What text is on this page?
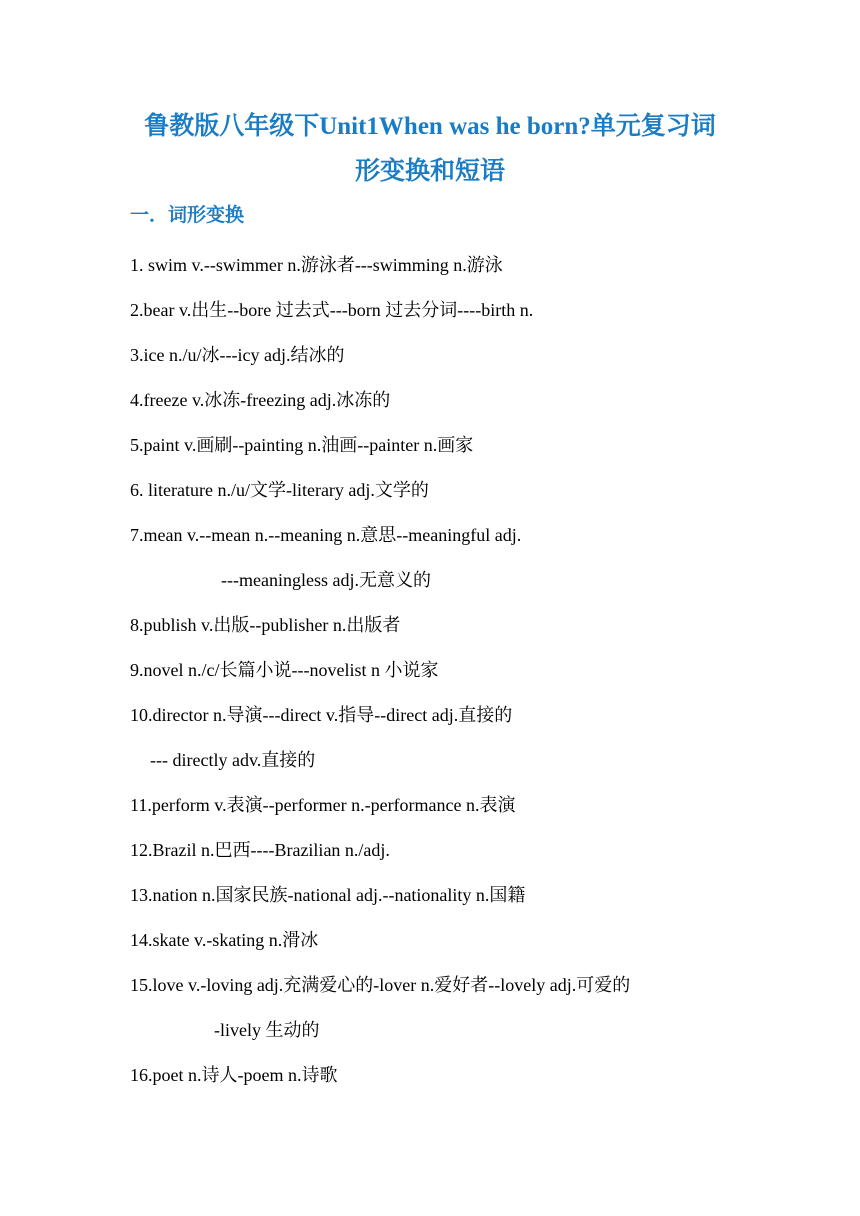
鲁教版八年级下Unit1When was he born?单元复习词
形变换和短语
一．词形变换
1. swim v.--swimmer n.游泳者---swimming n.游泳
2.bear v.出生--bore 过去式---born 过去分词----birth n.
3.ice n./u/冰---icy adj.结冰的
4.freeze v.冰冻-freezing adj.冰冻的
5.paint v.画刷--painting n.油画--painter n.画家
6. literature n./u/文学-literary adj.文学的
7.mean v.--mean n.--meaning n.意思--meaningful adj.
---meaningless adj.无意义的
8.publish v.出版--publisher n.出版者
9.novel n./c/长篇小说---novelist n 小说家
10.director n.导演---direct v.指导--direct adj.直接的
--- directly adv.直接的
11.perform v.表演--performer n.-performance n.表演
12.Brazil n.巴西----Brazilian n./adj.
13.nation n.国家民族-national adj.--nationality n.国籍
14.skate v.-skating n.滑冰
15.love v.-loving adj.充满爱心的-lover n.爱好者--lovely adj.可爱的
-lively 生动的
16.poet n.诗人-poem n.诗歌
